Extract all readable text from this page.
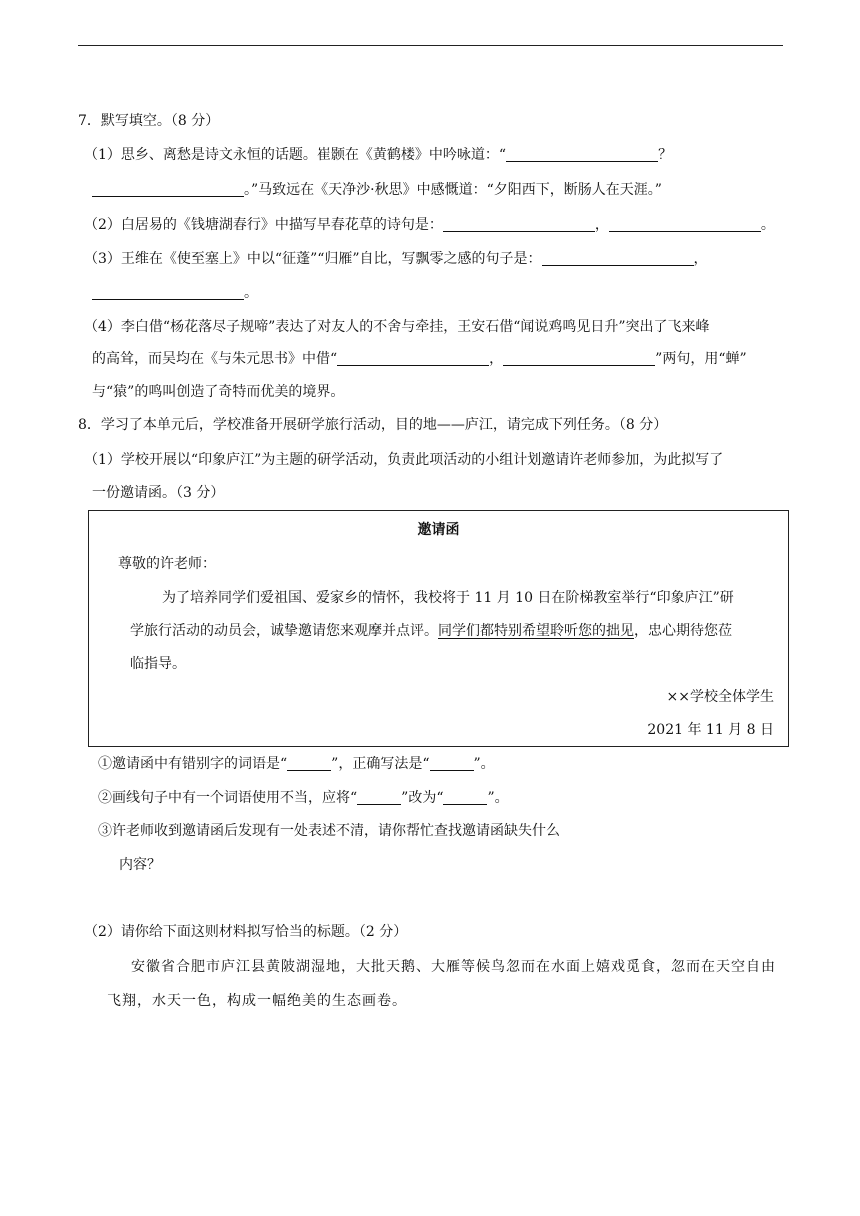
7．默写填空。（8 分）
（1）思乡、离愁是诗文永恒的话题。崔颢在《黄鹤楼》中吟咏道：“	？
。”马致远在《天净沙·秋思》中感慨道：“夕阳西下，断肠人在天涯。”
（2）白居易的《钱塘湖春行》中描写早春花草的诗句是：	，	。
（3）王维在《使至塞上》中以“征蓬”“归雁”自比，写飘零之感的句子是：	，
。
（4）李白借“杨花落尽子规啼”表达了对友人的不舍与牵挂，王安石借“闻说鸡鸣见日升”突出了飞来峰
的高耸，而吴均在《与朱元思书》中借“	，	”两句，用“蝉”
与“猿”的鸣叫创造了奇特而优美的境界。
8．学习了本单元后，学校准备开展研学旅行活动，目的地——庐江，请完成下列任务。（8 分）
（1）学校开展以“印象庐江”为主题的研学活动，负责此项活动的小组计划邀请许老师参加，为此拟写了
一份邀请函。（3 分）
邀请函
尊敬的许老师：
为了培养同学们爱祖国、爱家乡的情怀，我校将于 11 月 10 日在阶梯教室举行“印象庐江”研
学旅行活动的动员会，诚挚邀请您来观摩并点评。同学们都特别希望聆听您的拙见，忠心期待您莅
临指导。
××学校全体学生
2021 年 11 月 8 日
①邀请函中有错别字的词语是“	”，正确写法是“	”。
②画线句子中有一个词语使用不当，应将“	”改为“	”。
③许老师收到邀请函后发现有一处表述不清，请你帮忙查找邀请函缺失什么
内容？
（2）请你给下面这则材料拟写恰当的标题。（2 分）
安徽省合肥市庐江县黄陂湖湿地，大批天鹅、大雁等候鸟忽而在水面上嬉戏觅食，忽而在天空自由
飞翔，水天一色，构成一幅绝美的生态画卷。
